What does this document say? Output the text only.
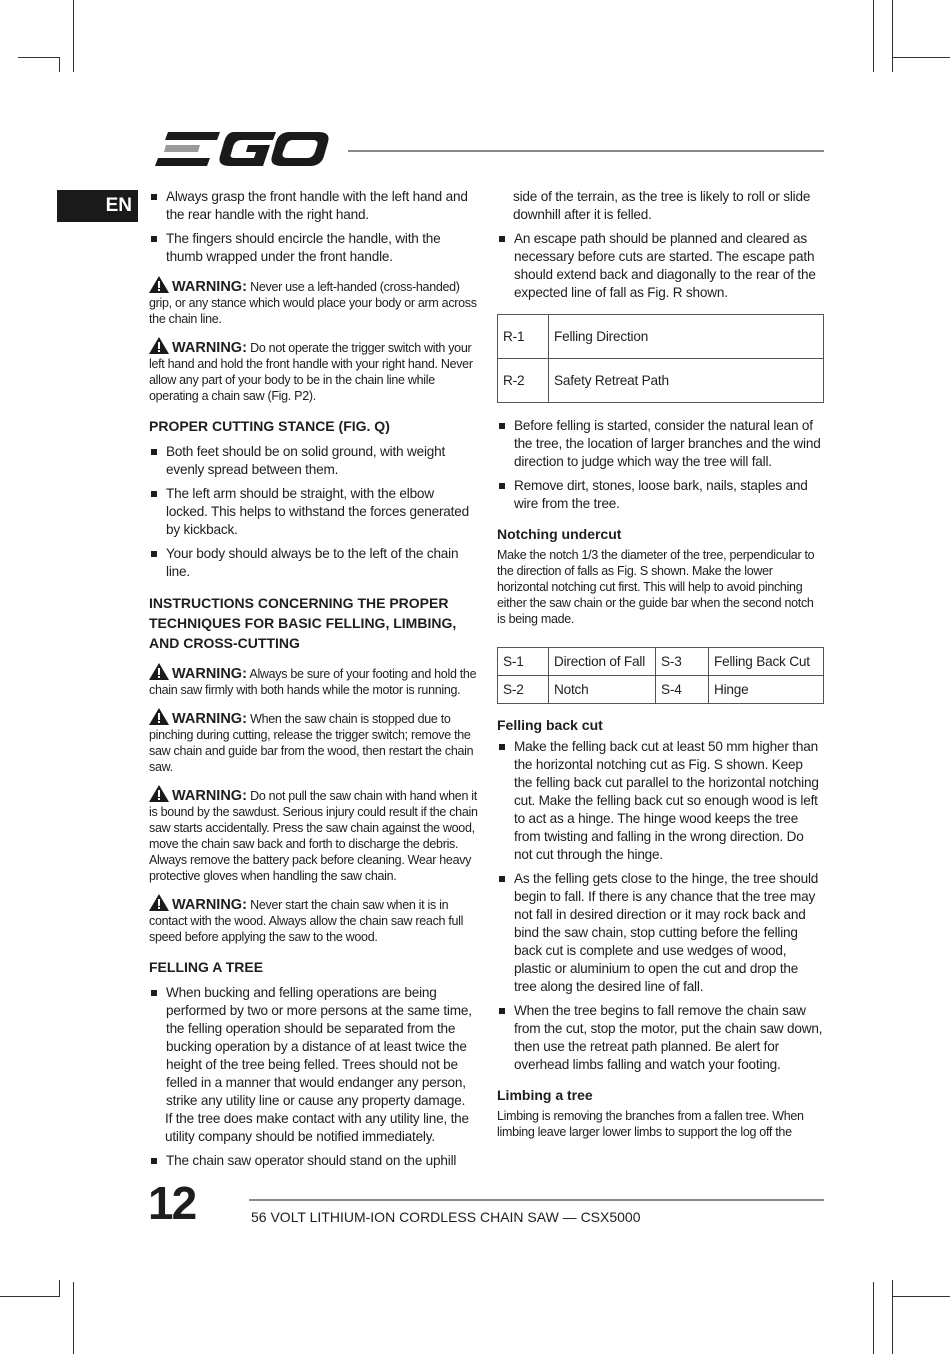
EN	Always grasp the front handle with the left hand and the rear handle with the right hand.
The fingers should encircle the handle, with the thumb wrapped under the front handle.

WARNING: Never use a left-handed (cross-handed) grip, or any stance which would place your body or arm across the chain line.

WARNING: Do not operate the trigger switch with your left hand and hold the front handle with your right hand. Never allow any part of your body to be in the chain line while operating a chain saw (Fig. P2).

PROPER CUTTING STANCE (FIG. Q)
Both feet should be on solid ground, with weight evenly spread between them.
The left arm should be straight, with the elbow locked. This helps to withstand the forces generated by kickback.
Your body should always be to the left of the chain line.
INSTRUCTIONS CONCERNING THE PROPER TECHNIQUES FOR BASIC FELLING, LIMBING, AND CROSS-CUTTING

WARNING: Always be sure of your footing and hold the chain saw firmly with both hands while the motor is running.

WARNING: When the saw chain is stopped due to pinching during cutting, release the trigger switch; remove the saw chain and guide bar from the wood, then restart the chain saw.

WARNING: Do not pull the saw chain with hand when it is bound by the sawdust. Serious injury could result if the chain saw starts accidentally. Press the saw chain against the wood, move the chain saw back and forth to discharge the debris. Always remove the battery pack before cleaning. Wear heavy protective gloves when handling the saw chain.

WARNING: Never start the chain saw when it is in contact with the wood. Always allow the chain saw reach full speed before applying the saw to the wood.

FELLING A TREE
When bucking and felling operations are being performed by two or more persons at the same time, the felling operation should be separated from the bucking operation by a distance of at least twice the height of the tree being felled. Trees should not be felled in a manner that would endanger any person, strike any utility line or cause any property damage.
If the tree does make contact with any utility line, the utility company should be notified immediately.
The chain saw operator should stand on the uphill
side of the terrain, as the tree is likely to roll or slide downhill after it is felled.
An escape path should be planned and cleared as necessary before cuts are started. The escape path should extend back and diagonally to the rear of the expected line of fall as Fig. R shown.
R-1	Felling Direction
R-2	Safety Retreat Path
Before felling is started, consider the natural lean of the tree, the location of larger branches and the wind direction to judge which way the tree will fall.
Remove dirt, stones, loose bark, nails, staples and wire from the tree.
Notching undercut

Make the notch 1/3 the diameter of the tree, perpendicular to the direction of falls as Fig. S shown. Make the lower horizontal notching cut first. This will help to avoid pinching either the saw chain or the guide bar when the second notch is being made.

S-1	Direction of Fall	S-3	Felling Back Cut
S-2	Notch	S-4	Hinge
Felling back cut
Make the felling back cut at least 50 mm higher than the horizontal notching cut as Fig. S shown. Keep the felling back cut parallel to the horizontal notching cut. Make the felling back cut so enough wood is left to act as a hinge. The hinge wood keeps the tree from twisting and falling in the wrong direction. Do not cut through the hinge.
As the felling gets close to the hinge, the tree should begin to fall. If there is any chance that the tree may not fall in desired direction or it may rock back and bind the saw chain, stop cutting before the felling back cut is complete and use wedges of wood, plastic or aluminium to open the cut and drop the tree along the desired line of fall.
When the tree begins to fall remove the chain saw from the cut, stop the motor, put the chain saw down, then use the retreat path planned. Be alert for overhead limbs falling and watch your footing.
Limbing a tree

Limbing is removing the branches from a fallen tree. When limbing leave larger lower limbs to support the log off the

12	56 VOLT LITHIUM-ION CORDLESS CHAIN SAW — CSX5000
